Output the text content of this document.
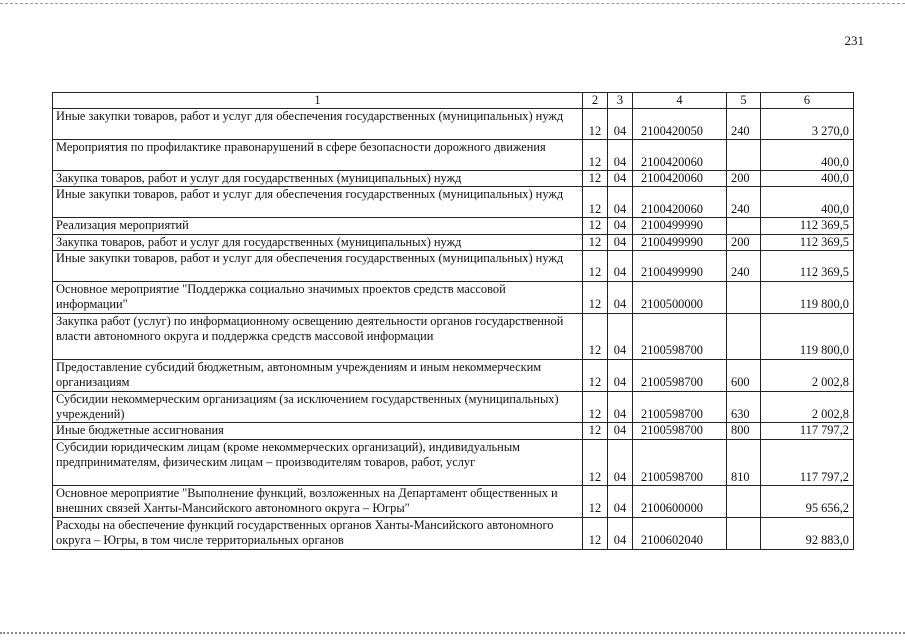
231
1	2	3	4	5	6
Иные закупки товаров, работ и услуг для обеспечения государственных (муниципальных) нужд	12	04	2100420050	240	3 270,0
Мероприятия по профилактике правонарушений в сфере безопасности дорожного движения	12	04	2100420060		400,0
Закупка товаров, работ и услуг для государственных (муниципальных) нужд	12	04	2100420060	200	400,0
Иные закупки товаров, работ и услуг для обеспечения государственных (муниципальных) нужд	12	04	2100420060	240	400,0
Реализация мероприятий	12	04	2100499990		112 369,5
Закупка товаров, работ и услуг для государственных (муниципальных) нужд	12	04	2100499990	200	112 369,5
Иные закупки товаров, работ и услуг для обеспечения государственных (муниципальных) нужд	12	04	2100499990	240	112 369,5
Основное мероприятие "Поддержка социально значимых проектов средств массовой информации"	12	04	2100500000		119 800,0
Закупка работ (услуг) по информационному освещению деятельности органов государственной власти автономного округа и поддержка средств массовой информации	12	04	2100598700		119 800,0
Предоставление субсидий бюджетным, автономным учреждениям и иным некоммерческим организациям	12	04	2100598700	600	2 002,8
Субсидии некоммерческим организациям (за исключением государственных (муниципальных) учреждений)	12	04	2100598700	630	2 002,8
Иные бюджетные ассигнования	12	04	2100598700	800	117 797,2
Субсидии юридическим лицам (кроме некоммерческих организаций), индивидуальным предпринимателям, физическим лицам – производителям товаров, работ, услуг	12	04	2100598700	810	117 797,2
Основное мероприятие "Выполнение функций, возложенных на Департамент общественных и внешних связей Ханты-Мансийского автономного округа – Югры"	12	04	2100600000		95 656,2
Расходы на обеспечение функций государственных органов Ханты-Мансийского автономного округа – Югры, в том числе территориальных органов	12	04	2100602040		92 883,0
